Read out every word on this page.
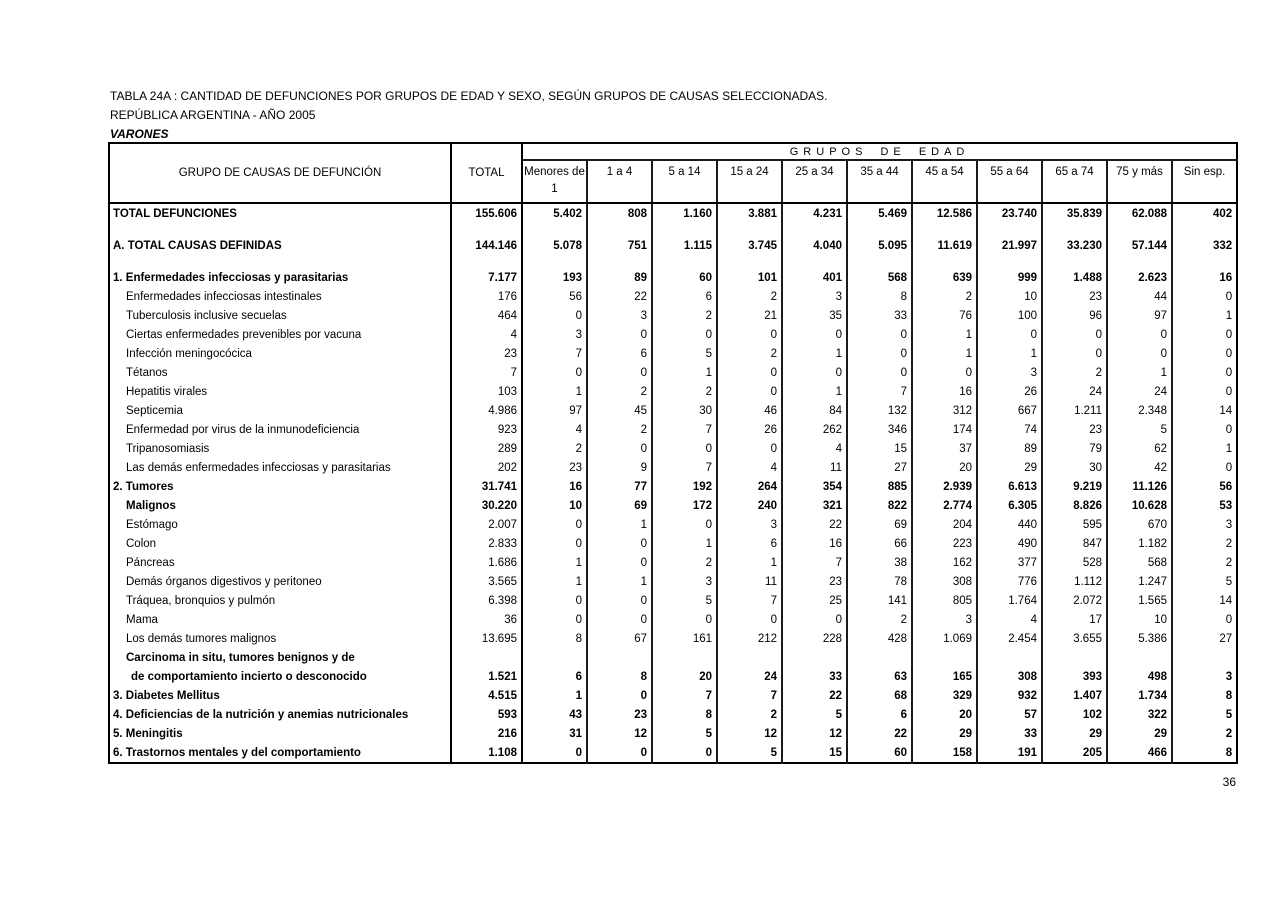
TABLA 24A : CANTIDAD DE DEFUNCIONES POR GRUPOS DE EDAD Y SEXO, SEGÚN GRUPOS DE CAUSAS SELECCIONADAS.
REPÚBLICA ARGENTINA - AÑO 2005
VARONES
GRUPO DE CAUSAS DE DEFUNCIÓN	TOTAL	GRUPOS DE EDAD										
		Menores de 1	1 a 4	5 a 14	15 a 24	25 a 34	35 a 44	45 a 54	55 a 64	65 a 74	75 y más	Sin esp.
TOTAL DEFUNCIONES	155.606	5.402	808	1.160	3.881	4.231	5.469	12.586	23.740	35.839	62.088	402

A. TOTAL CAUSAS DEFINIDAS	144.146	5.078	751	1.115	3.745	4.040	5.095	11.619	21.997	33.230	57.144	332

1. Enfermedades infecciosas y parasitarias	7.177	193	89	60	101	401	568	639	999	1.488	2.623	16
Enfermedades infecciosas intestinales	176	56	22	6	2	3	8	2	10	23	44	0
Tuberculosis inclusive secuelas	464	0	3	2	21	35	33	76	100	96	97	1
Ciertas enfermedades prevenibles por vacuna	4	3	0	0	0	0	0	1	0	0	0	0
Infección meningocócica	23	7	6	5	2	1	0	1	1	0	0	0
Tétanos	7	0	0	1	0	0	0	0	3	2	1	0
Hepatitis virales	103	1	2	2	0	1	7	16	26	24	24	0
Septicemia	4.986	97	45	30	46	84	132	312	667	1.211	2.348	14
Enfermedad por virus de la inmunodeficiencia	923	4	2	7	26	262	346	174	74	23	5	0
Tripanosomiasis	289	2	0	0	0	4	15	37	89	79	62	1
Las demás enfermedades infecciosas y parasitarias	202	23	9	7	4	11	27	20	29	30	42	0
2. Tumores	31.741	16	77	192	264	354	885	2.939	6.613	9.219	11.126	56
Malignos	30.220	10	69	172	240	321	822	2.774	6.305	8.826	10.628	53
Estómago	2.007	0	1	0	3	22	69	204	440	595	670	3
Colon	2.833	0	0	1	6	16	66	223	490	847	1.182	2
Páncreas	1.686	1	0	2	1	7	38	162	377	528	568	2
Demás órganos digestivos y peritoneo	3.565	1	1	3	11	23	78	308	776	1.112	1.247	5
Tráquea, bronquios y pulmón	6.398	0	0	5	7	25	141	805	1.764	2.072	1.565	14
Mama	36	0	0	0	0	0	2	3	4	17	10	0
Los demás tumores malignos	13.695	8	67	161	212	228	428	1.069	2.454	3.655	5.386	27
Carcinoma in situ, tumores benignos y de												
de comportamiento incierto o desconocido	1.521	6	8	20	24	33	63	165	308	393	498	3
3. Diabetes Mellitus	4.515	1	0	7	7	22	68	329	932	1.407	1.734	8
4. Deficiencias de la nutrición y anemias nutricionales	593	43	23	8	2	5	6	20	57	102	322	5
5. Meningitis	216	31	12	5	12	12	22	29	33	29	29	2
6. Trastornos mentales y del comportamiento	1.108	0	0	0	5	15	60	158	191	205	466	8
36
